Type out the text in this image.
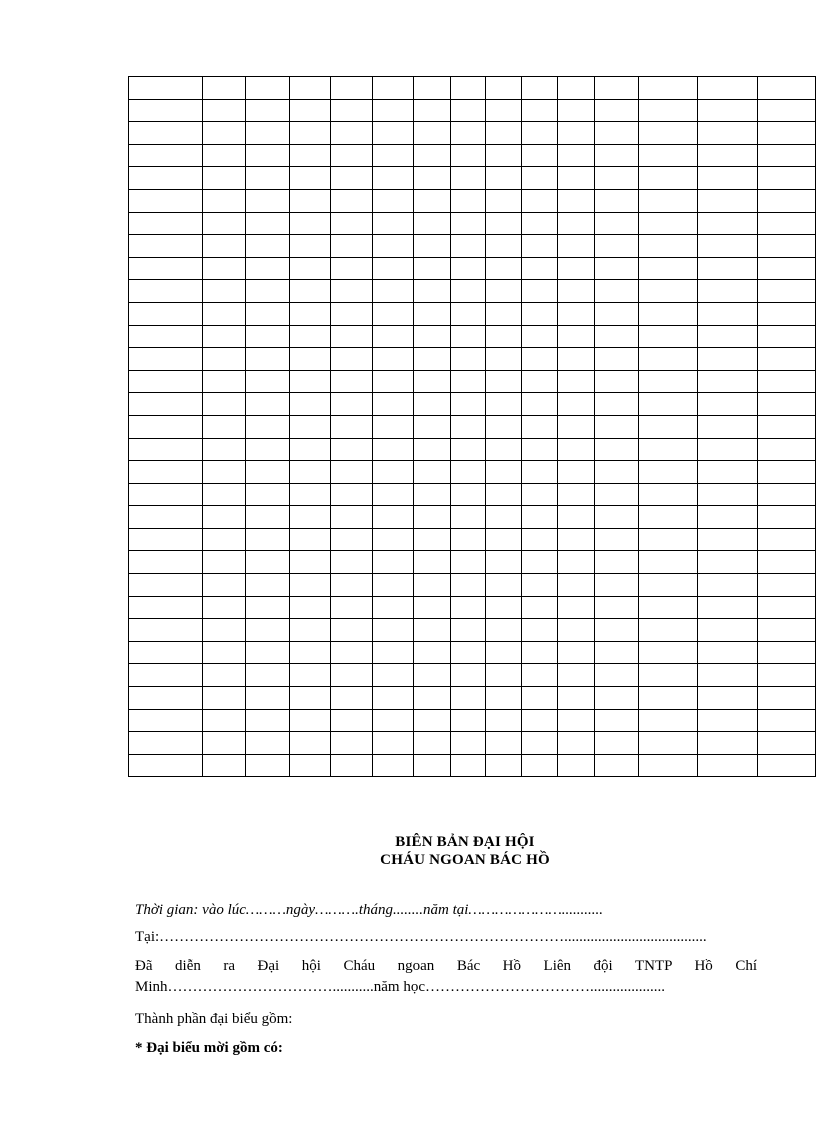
BIÊN BẢN ĐẠI HỘI
CHÁU NGOAN BÁC HỒ
Thời gian: vào lúc………ngày……….tháng........năm tại…………………...........
Tại:………………………………………………………………………......................................
Đã diễn ra Đại hội Cháu ngoan Bác Hồ Liên đội TNTP Hồ Chí
Minh……………………………...........năm học……………………………....................
Thành phần đại biểu gồm:
* Đại biểu mời gồm có:
